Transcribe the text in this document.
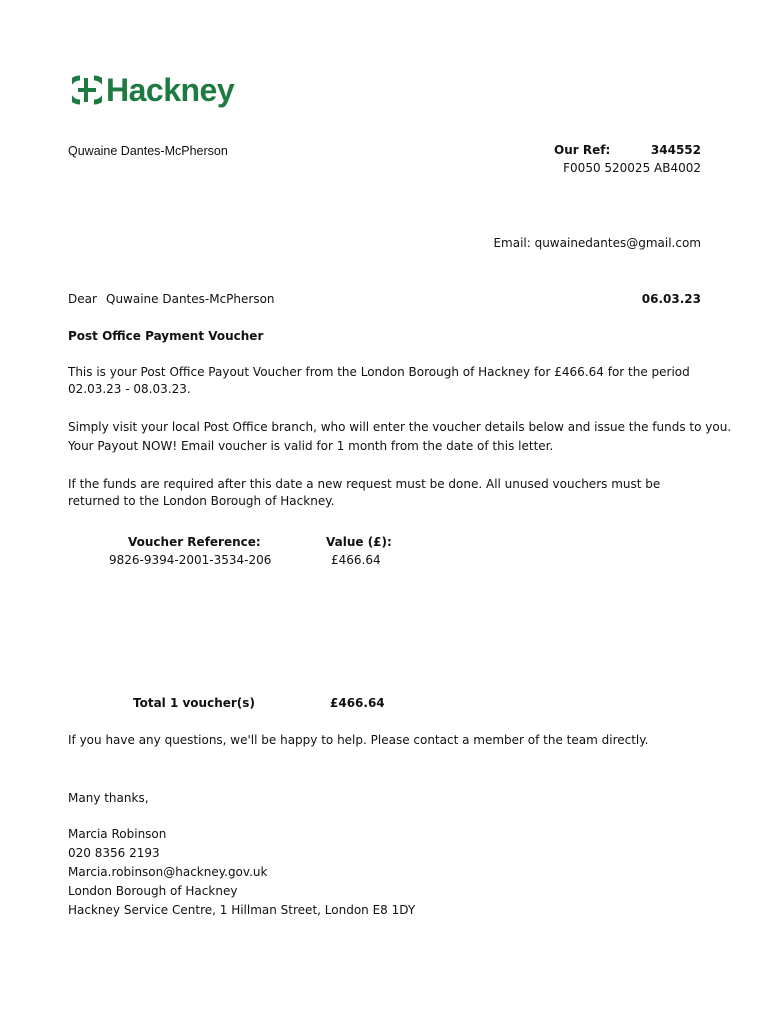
Hackney
Quwaine Dantes-McPherson	Our Ref:	344552
F0050 520025 AB4002
Email: quwainedantes@gmail.com
Dear Quwaine Dantes-McPherson	06.03.23
Post Office Payment Voucher
This is your Post Office Payout Voucher from the London Borough of Hackney for £466.64 for the period 02.03.23 - 08.03.23.
Simply visit your local Post Office branch, who will enter the voucher details below and issue the funds to you.
Your Payout NOW! Email voucher is valid for 1 month from the date of this letter.
If the funds are required after this date a new request must be done. All unused vouchers must be returned to the London Borough of Hackney.
Voucher Reference:	Value (£):
9826-9394-2001-3534-206	£466.64
Total 1 voucher(s)	£466.64
If you have any questions, we'll be happy to help. Please contact a member of the team directly.
Many thanks,
Marcia Robinson
020 8356 2193
Marcia.robinson@hackney.gov.uk
London Borough of Hackney
Hackney Service Centre, 1 Hillman Street, London E8 1DY
